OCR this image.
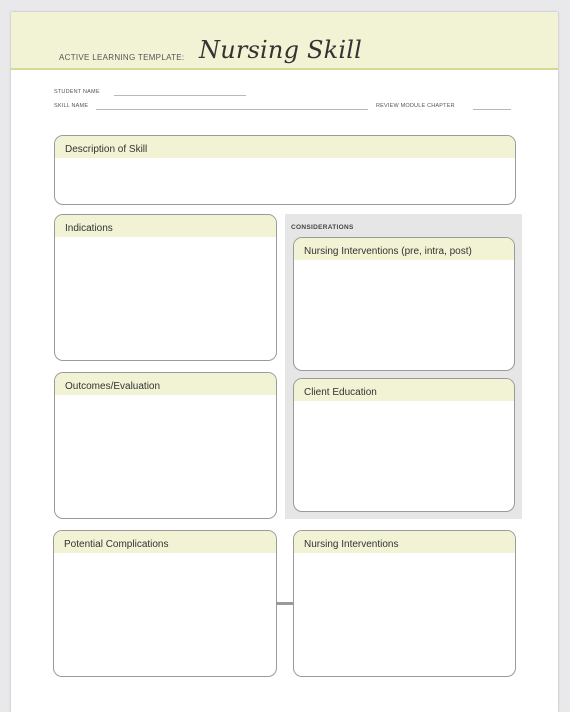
ACTIVE LEARNING TEMPLATE: Nursing Skill
STUDENT NAME
SKILL NAME	REVIEW MODULE CHAPTER
Description of Skill
Indications
Outcomes/Evaluation
CONSIDERATIONS
Nursing Interventions (pre, intra, post)
Client Education
Potential Complications	Nursing Interventions
